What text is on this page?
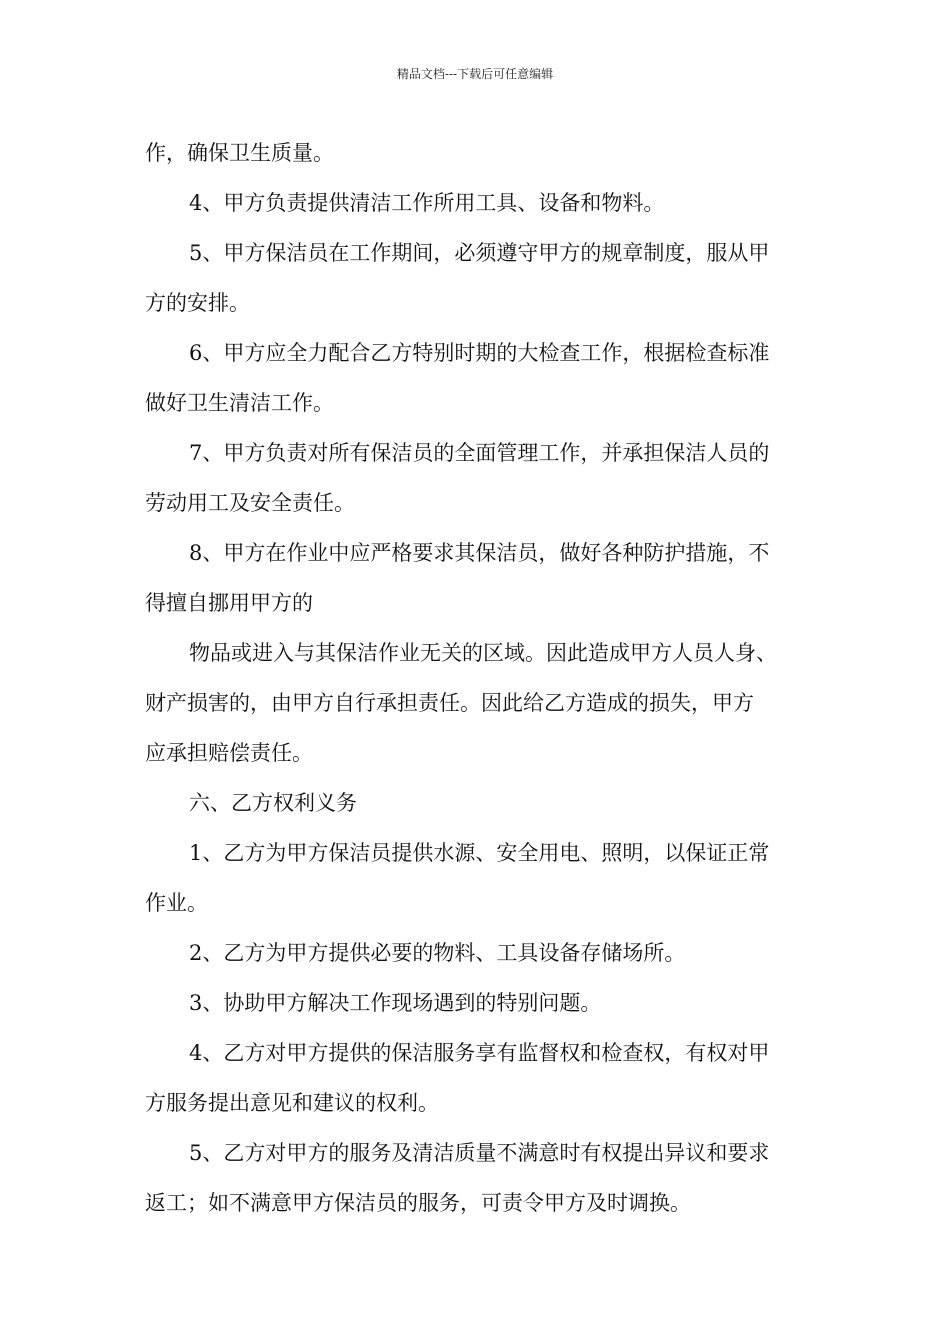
精品文档---下载后可任意编辑
作，确保卫生质量。
4、甲方负责提供清洁工作所用工具、设备和物料。
5、甲方保洁员在工作期间，必须遵守甲方的规章制度，服从甲
方的安排。
6、甲方应全力配合乙方特别时期的大检查工作，根据检查标准
做好卫生清洁工作。
7、甲方负责对所有保洁员的全面管理工作，并承担保洁人员的
劳动用工及安全责任。
8、甲方在作业中应严格要求其保洁员，做好各种防护措施，不
得擅自挪用甲方的
物品或进入与其保洁作业无关的区域。因此造成甲方人员人身、
财产损害的，由甲方自行承担责任。因此给乙方造成的损失，甲方
应承担赔偿责任。
六、乙方权利义务
1、乙方为甲方保洁员提供水源、安全用电、照明，以保证正常
作业。
2、乙方为甲方提供必要的物料、工具设备存储场所。
3、协助甲方解决工作现场遇到的特别问题。
4、乙方对甲方提供的保洁服务享有监督权和检查权，有权对甲
方服务提出意见和建议的权利。
5、乙方对甲方的服务及清洁质量不满意时有权提出异议和要求
返工；如不满意甲方保洁员的服务，可责令甲方及时调换。
